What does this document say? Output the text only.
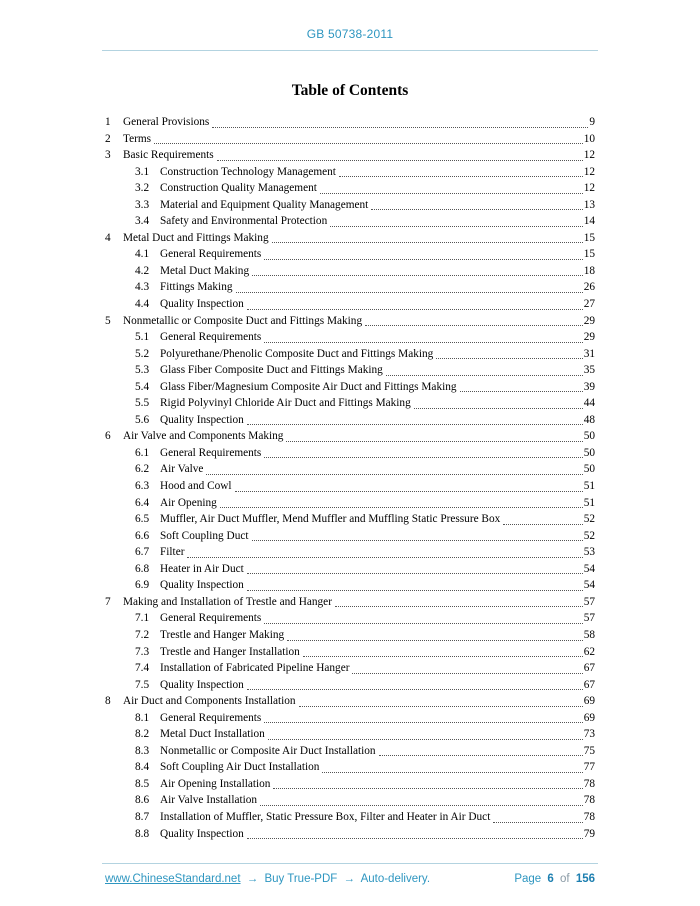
GB 50738-2011
Table of Contents
1	General Provisions	9
2	Terms	10
3	Basic Requirements	12
3.1 Construction Technology Management	12
3.2 Construction Quality Management	12
3.3 Material and Equipment Quality Management	13
3.4 Safety and Environmental Protection	14
4	Metal Duct and Fittings Making	15
4.1 General Requirements	15
4.2 Metal Duct Making	18
4.3 Fittings Making	26
4.4 Quality Inspection	27
5	Nonmetallic or Composite Duct and Fittings Making	29
5.1 General Requirements	29
5.2 Polyurethane/Phenolic Composite Duct and Fittings Making	31
5.3 Glass Fiber Composite Duct and Fittings Making	35
5.4 Glass Fiber/Magnesium Composite Air Duct and Fittings Making	39
5.5 Rigid Polyvinyl Chloride Air Duct and Fittings Making	44
5.6 Quality Inspection	48
6	Air Valve and Components Making	50
6.1 General Requirements	50
6.2 Air Valve	50
6.3 Hood and Cowl	51
6.4 Air Opening	51
6.5 Muffler, Air Duct Muffler, Mend Muffler and Muffling Static Pressure Box	52
6.6 Soft Coupling Duct	52
6.7 Filter	53
6.8 Heater in Air Duct	54
6.9 Quality Inspection	54
7	Making and Installation of Trestle and Hanger	57
7.1 General Requirements	57
7.2 Trestle and Hanger Making	58
7.3 Trestle and Hanger Installation	62
7.4 Installation of Fabricated Pipeline Hanger	67
7.5 Quality Inspection	67
8	Air Duct and Components Installation	69
8.1 General Requirements	69
8.2 Metal Duct Installation	73
8.3 Nonmetallic or Composite Air Duct Installation	75
8.4 Soft Coupling Air Duct Installation	77
8.5 Air Opening Installation	78
8.6 Air Valve Installation	78
8.7 Installation of Muffler, Static Pressure Box, Filter and Heater in Air Duct	78
8.8 Quality Inspection	79
www.ChineseStandard.net → Buy True-PDF → Auto-delivery.	Page 6 of 156
